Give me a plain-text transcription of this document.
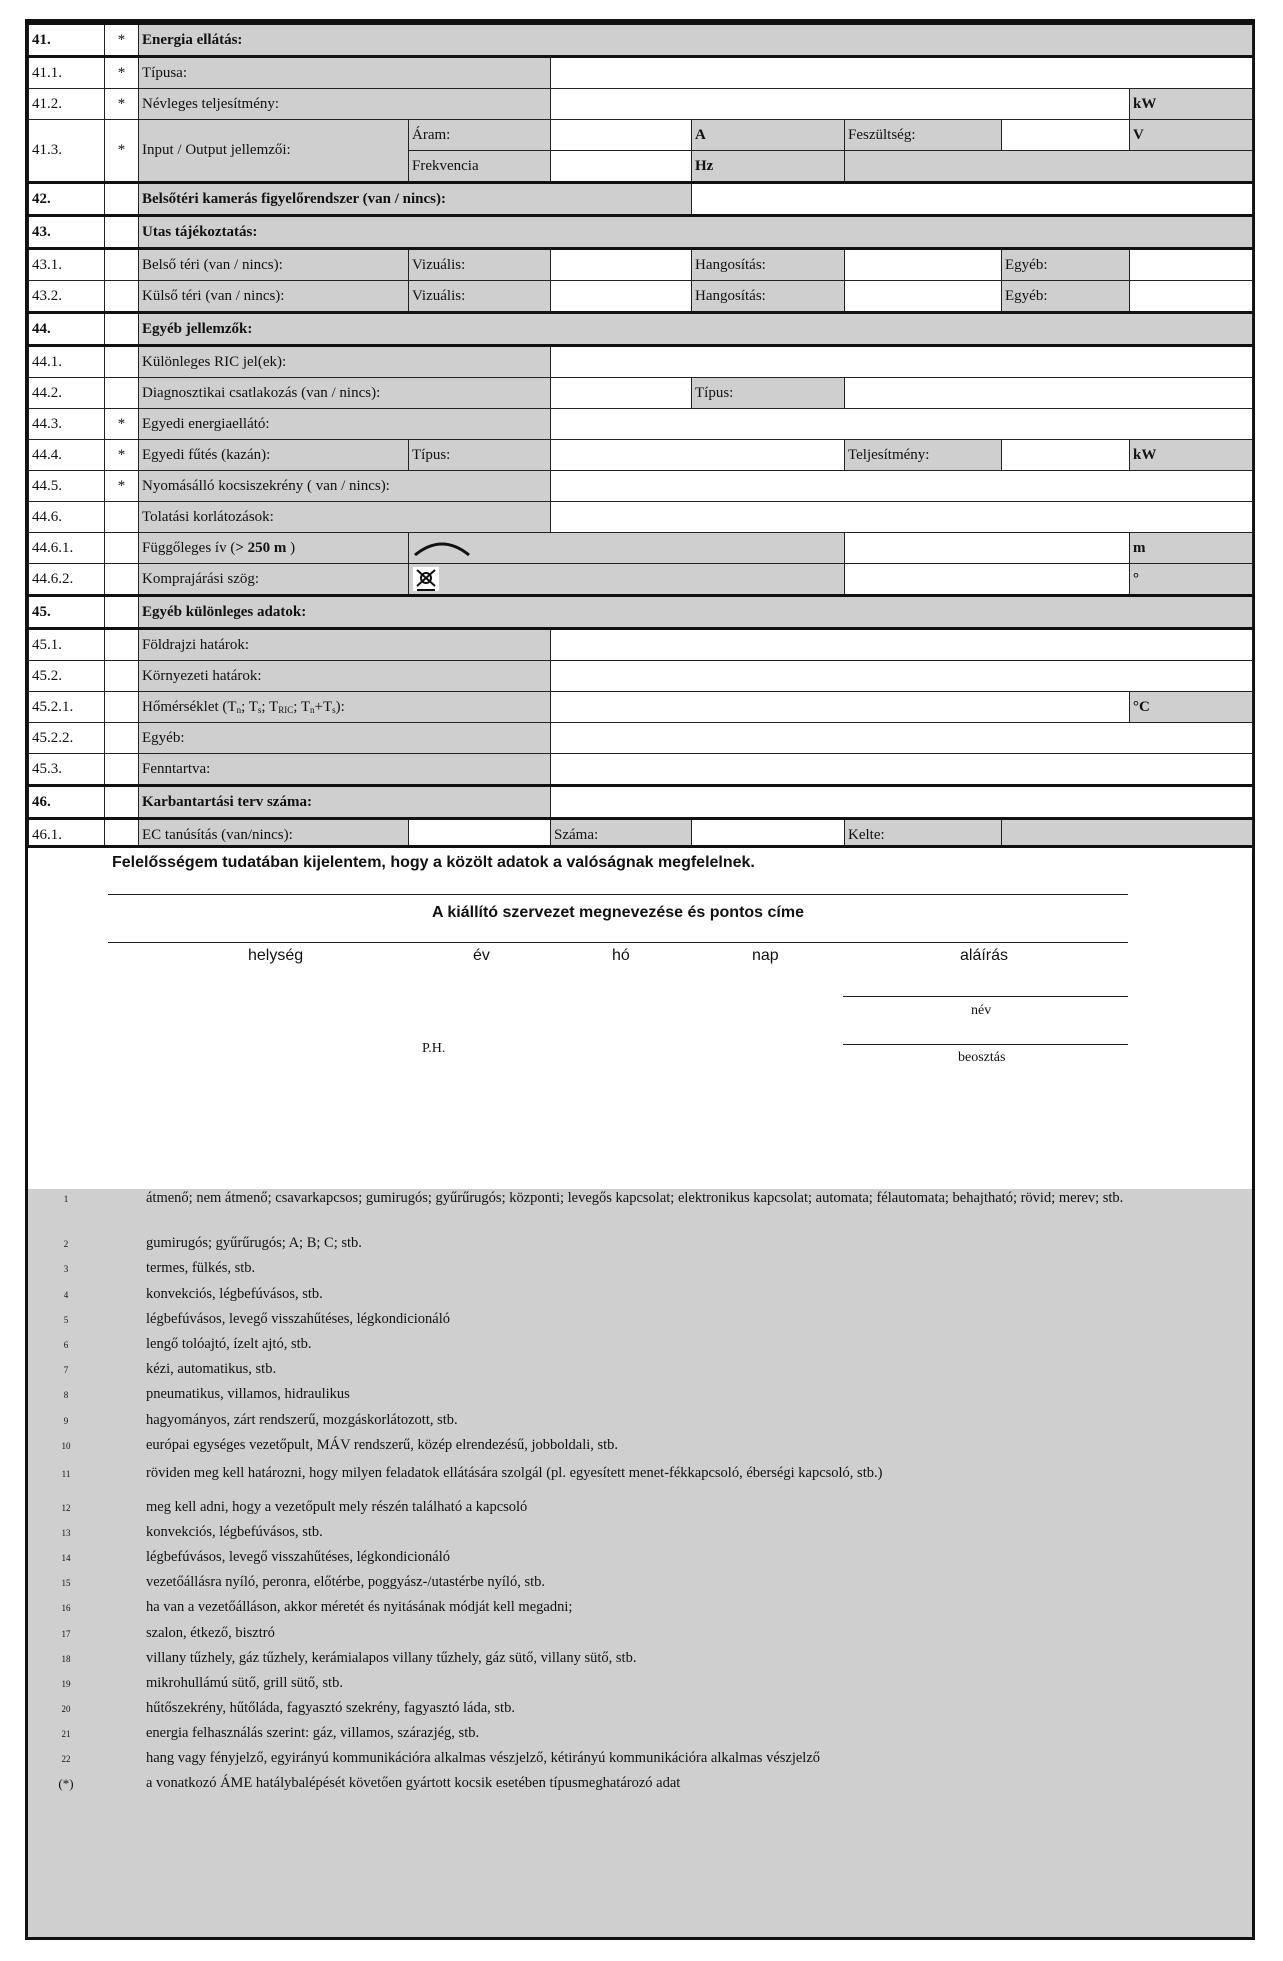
41.	*	Energia ellátás:						
41.1.	*	Típusa:						
41.2.	*	Névleges teljesítmény:						kW
41.3.	*	Input / Output jellemzői:	Áram:		A	Feszültség:		V
			Frekvencia		Hz			
42.		Belsőtéri kamerás figyelőrendszer (van / nincs):						
43.		Utas tájékoztatás:						
43.1.		Belső téri (van / nincs):	Vizuális:		Hangosítás:		Egyéb:	
43.2.		Külső téri (van / nincs):	Vizuális:		Hangosítás:		Egyéb:	
44.		Egyéb jellemzők:						
44.1.		Különleges RIC jel(ek):						
44.2.		Diagnosztikai csatlakozás (van / nincs):			Típus:			
44.3.	*	Egyedi energiaellátó:						
44.4.	*	Egyedi fűtés (kazán):	Típus:			Teljesítmény:		kW
44.5.	*	Nyomásálló kocsiszekrény ( van / nincs):						
44.6.		Tolatási korlátozások:						
44.6.1.		Függőleges ív (> 250 m )						m
44.6.2.		Komprajárási szög:						°
45.		Egyéb különleges adatok:						
45.1.		Földrajzi határok:						
45.2.		Környezeti határok:						
45.2.1.		Hőmérséklet ($T_n$; $T_s$; $T_{RIC}$; $T_n+T_s$):						°C
45.2.2.		Egyéb:						
45.3.		Fenntartva:						
46.		Karbantartási terv száma:						
46.1.		EC tanúsítás (van/nincs):		Száma:		Kelte:		
Felelősségem tudatában kijelentem, hogy a közölt adatok a valóságnak megfelelnek.
A kiállító szervezet megnevezése és pontos címe
helység	év	hó	nap	aláírás
név
P.H.
beosztás
1	átmenő; nem átmenő; csavarkapcsos; gumirugós; gyűrűrugós; központi; levegős kapcsolat; elektronikus kapcsolat; automata; félautomata; behajtható; rövid; merev; stb.
2	gumirugós; gyűrűrugós; A; B; C; stb.
3	termes, fülkés, stb.
4	konvekciós, légbefúvásos, stb.
5	légbefúvásos, levegő visszahűtéses, légkondicionáló
6	lengő tolóajtó, ízelt ajtó, stb.
7	kézi, automatikus, stb.
8	pneumatikus, villamos, hidraulikus
9	hagyományos, zárt rendszerű, mozgáskorlátozott, stb.
10	európai egységes vezetőpult, MÁV rendszerű, közép elrendezésű, jobboldali, stb.
11	röviden meg kell határozni, hogy milyen feladatok ellátására szolgál (pl. egyesített menet-fékkapcsoló, éberségi kapcsoló, stb.)
12	meg kell adni, hogy a vezetőpult mely részén található a kapcsoló
13	konvekciós, légbefúvásos, stb.
14	légbefúvásos, levegő visszahűtéses, légkondicionáló
15	vezetőállásra nyíló, peronra, előtérbe, poggyász-/utastérbe nyíló, stb.
16	ha van a vezetőálláson, akkor méretét és nyitásának módját kell megadni;
17	szalon, étkező, bisztró
18	villany tűzhely, gáz tűzhely, kerámialapos villany tűzhely, gáz sütő, villany sütő, stb.
19	mikrohullámú sütő, grill sütő, stb.
20	hűtőszekrény, hűtőláda, fagyasztó szekrény, fagyasztó láda, stb.
21	energia felhasználás szerint: gáz, villamos, szárazjég, stb.
22	hang vagy fényjelző, egyirányú kommunikációra alkalmas vészjelző, kétirányú kommunikációra alkalmas vészjelző
(*)	a vonatkozó ÁME hatálybalépését követően gyártott kocsik esetében típusmeghatározó adat
